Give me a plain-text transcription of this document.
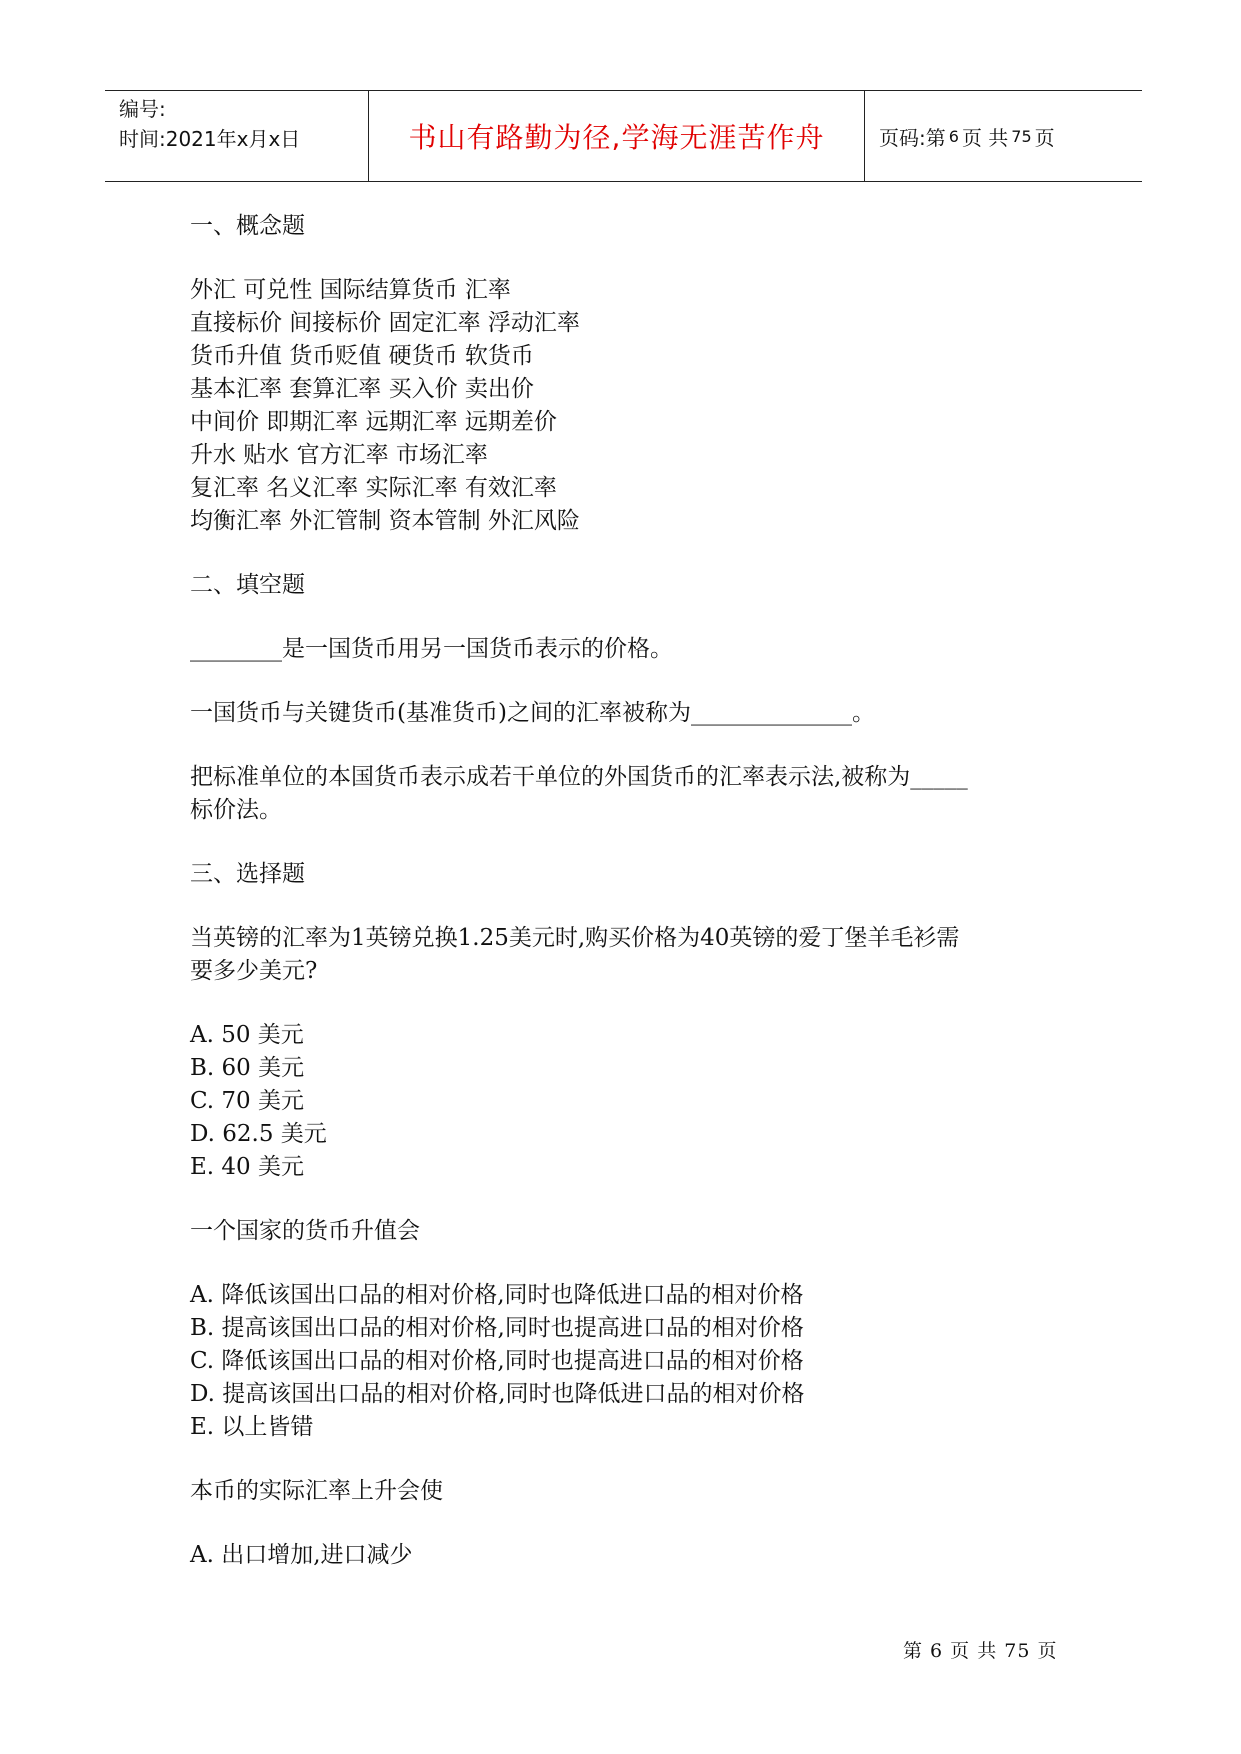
编号:
时间:2021年x月x日	书山有路勤为径,学海无涯苦作舟	页码:第 6 页 共 75 页

一、概念题

外汇 可兑性 国际结算货币 汇率

直接标价 间接标价 固定汇率 浮动汇率

货币升值 货币贬值 硬货币 软货币

基本汇率 套算汇率 买入价 卖出价

中间价 即期汇率 远期汇率 远期差价

升水 贴水 官方汇率 市场汇率

复汇率 名义汇率 实际汇率 有效汇率

均衡汇率 外汇管制 资本管制 外汇风险

二、填空题

________是一国货币用另一国货币表示的价格。

一国货币与关键货币(基准货币)之间的汇率被称为______________。

把标准单位的本国货币表示成若干单位的外国货币的汇率表示法,被称为_____

标价法。

三、选择题

当英镑的汇率为1英镑兑换1.25美元时,购买价格为40英镑的爱丁堡羊毛衫需

要多少美元?

A. 50 美元

B. 60 美元

C. 70 美元

D. 62.5 美元

E. 40 美元

一个国家的货币升值会

A. 降低该国出口品的相对价格,同时也降低进口品的相对价格

B. 提高该国出口品的相对价格,同时也提高进口品的相对价格

C. 降低该国出口品的相对价格,同时也提高进口品的相对价格

D. 提高该国出口品的相对价格,同时也降低进口品的相对价格

E. 以上皆错

本币的实际汇率上升会使

A. 出口增加,进口减少

第 6 页 共 75 页
